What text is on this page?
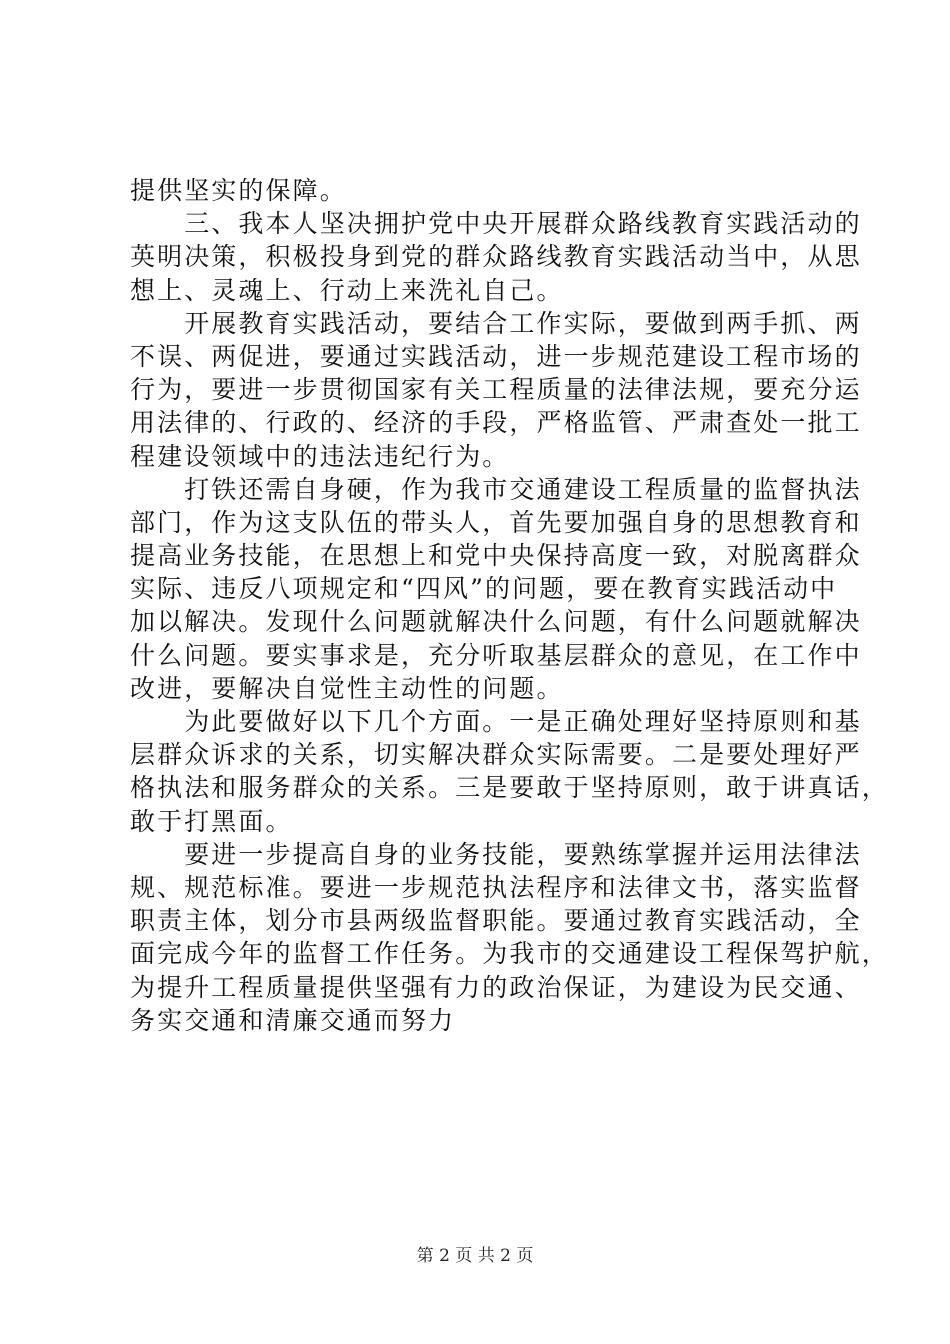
提供坚实的保障。
　　三、我本人坚决拥护党中央开展群众路线教育实践活动的
英明决策，积极投身到党的群众路线教育实践活动当中，从思
想上、灵魂上、行动上来洗礼自己。
　　开展教育实践活动，要结合工作实际，要做到两手抓、两
不误、两促进，要通过实践活动，进一步规范建设工程市场的
行为，要进一步贯彻国家有关工程质量的法律法规，要充分运
用法律的、行政的、经济的手段，严格监管、严肃查处一批工
程建设领域中的违法违纪行为。
　　打铁还需自身硬，作为我市交通建设工程质量的监督执法
部门，作为这支队伍的带头人，首先要加强自身的思想教育和
提高业务技能，在思想上和党中央保持高度一致，对脱离群众
实际、违反八项规定和“四风”的问题，要在教育实践活动中
加以解决。发现什么问题就解决什么问题，有什么问题就解决
什么问题。要实事求是，充分听取基层群众的意见，在工作中
改进，要解决自觉性主动性的问题。
　　为此要做好以下几个方面。一是正确处理好坚持原则和基
层群众诉求的关系，切实解决群众实际需要。二是要处理好严
格执法和服务群众的关系。三是要敢于坚持原则，敢于讲真话，
敢于打黑面。
　　要进一步提高自身的业务技能，要熟练掌握并运用法律法
规、规范标准。要进一步规范执法程序和法律文书，落实监督
职责主体，划分市县两级监督职能。要通过教育实践活动，全
面完成今年的监督工作任务。为我市的交通建设工程保驾护航，
为提升工程质量提供坚强有力的政治保证，为建设为民交通、
务实交通和清廉交通而努力
第 2 页 共 2 页
